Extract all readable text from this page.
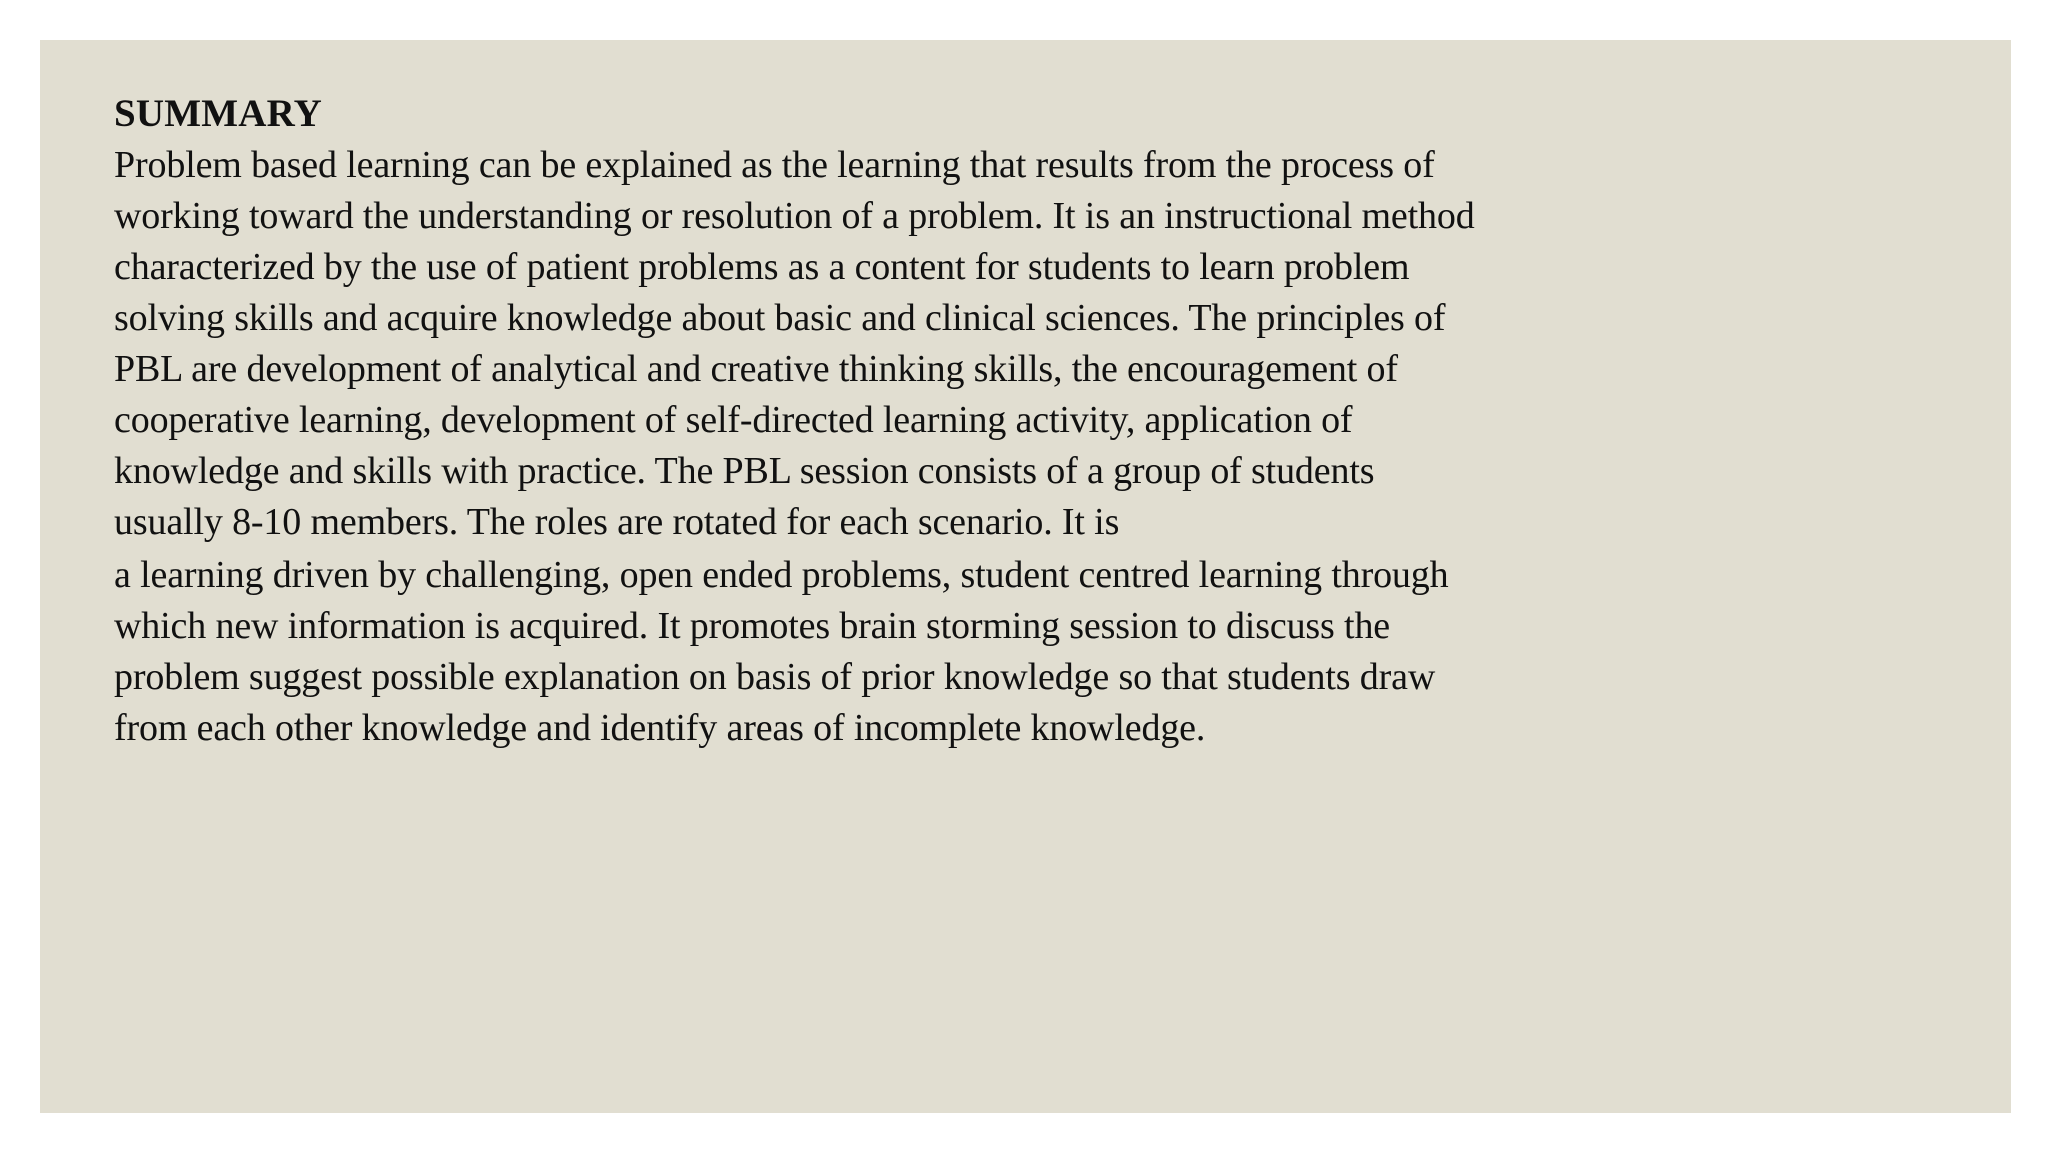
SUMMARY
Problem based learning can be explained as the learning that results from the process of
working toward the understanding or resolution of a problem. It is an instructional method
characterized by the use of patient problems as a content for students to learn problem
solving skills and acquire knowledge about basic and clinical sciences. The principles of
PBL are development of analytical and creative thinking skills, the encouragement of
cooperative learning, development of self-directed learning activity, application of
knowledge and skills with practice. The PBL session consists of a group of students
usually 8-10 members. The roles are rotated for each scenario. It is
a learning driven by challenging, open ended problems, student centred learning through
which new information is acquired. It promotes brain storming session to discuss the
problem suggest possible explanation on basis of prior knowledge so that students draw
from each other knowledge and identify areas of incomplete knowledge.
